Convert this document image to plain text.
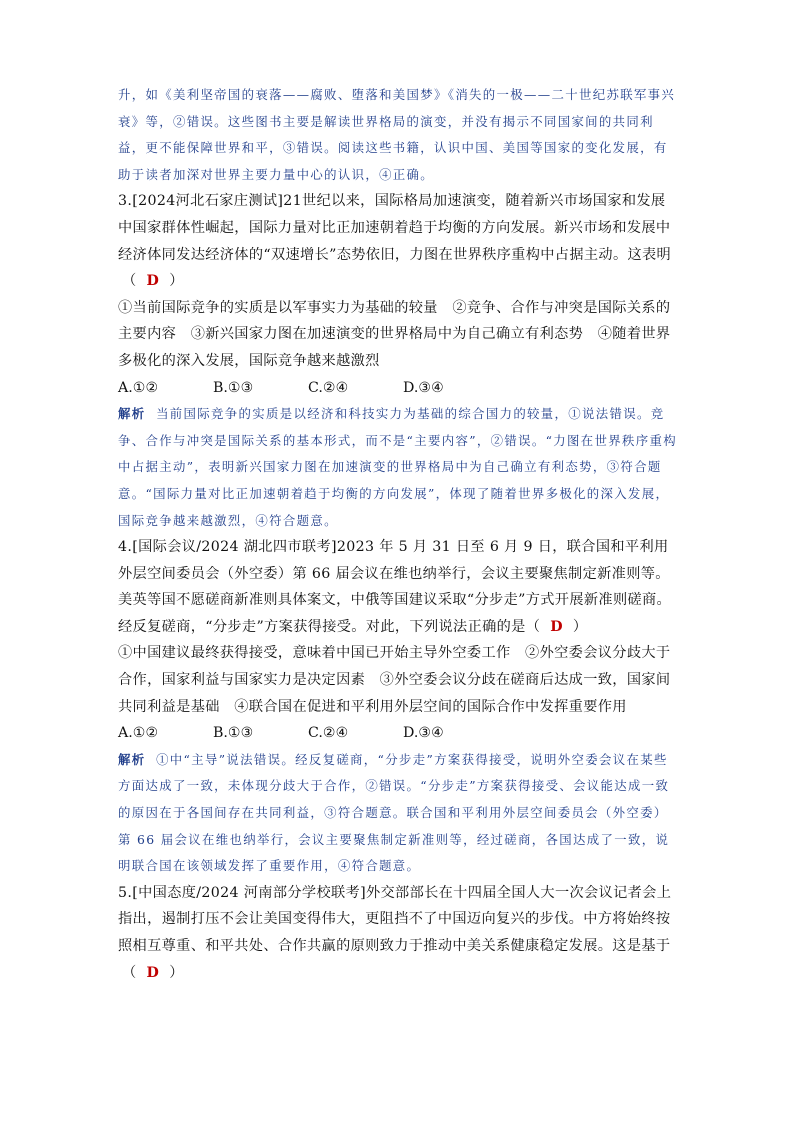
升，如《美利坚帝国的衰落——腐败、堕落和美国梦》《消失的一极——二十世纪苏联军事兴衰》等，②错误。这些图书主要是解读世界格局的演变，并没有揭示不同国家间的共同利益，更不能保障世界和平，③错误。阅读这些书籍，认识中国、美国等国家的变化发展，有助于读者加深对世界主要力量中心的认识，④正确。

3.[2024河北石家庄测试]21世纪以来，国际格局加速演变，随着新兴市场国家和发展中国家群体性崛起，国际力量对比正加速朝着趋于均衡的方向发展。新兴市场和发展中经济体同发达经济体的“双速增长”态势依旧，力图在世界秩序重构中占据主动。这表明

（ D ）

①当前国际竞争的实质是以军事实力为基础的较量　②竞争、合作与冲突是国际关系的主要内容　③新兴国家力图在加速演变的世界格局中为自己确立有利态势　④随着世界多极化的深入发展，国际竞争越来越激烈

A.①②	B.①③	C.②④	D.③④

解析 当前国际竞争的实质是以经济和科技实力为基础的综合国力的较量，①说法错误。竞争、合作与冲突是国际关系的基本形式，而不是“主要内容”，②错误。“力图在世界秩序重构中占据主动”，表明新兴国家力图在加速演变的世界格局中为自己确立有利态势，③符合题意。“国际力量对比正加速朝着趋于均衡的方向发展”，体现了随着世界多极化的深入发展，国际竞争越来越激烈，④符合题意。

4.[国际会议/2024 湖北四市联考]2023 年 5 月 31 日至 6 月 9 日，联合国和平利用外层空间委员会（外空委）第 66 届会议在维也纳举行，会议主要聚焦制定新准则等。美英等国不愿磋商新准则具体案文，中俄等国建议采取“分步走”方式开展新准则磋商。经反复磋商，“分步走”方案获得接受。对此，下列说法正确的是（ D ）

①中国建议最终获得接受，意味着中国已开始主导外空委工作　②外空委会议分歧大于合作，国家利益与国家实力是决定因素　③外空委会议分歧在磋商后达成一致，国家间共同利益是基础　④联合国在促进和平利用外层空间的国际合作中发挥重要作用

A.①②	B.①③	C.②④	D.③④

解析 ①中“主导”说法错误。经反复磋商，“分步走”方案获得接受，说明外空委会议在某些方面达成了一致，未体现分歧大于合作，②错误。“分步走”方案获得接受、会议能达成一致的原因在于各国间存在共同利益，③符合题意。联合国和平利用外层空间委员会（外空委）第 66 届会议在维也纳举行，会议主要聚焦制定新准则等，经过磋商，各国达成了一致，说明联合国在该领域发挥了重要作用，④符合题意。

5.[中国态度/2024 河南部分学校联考]外交部部长在十四届全国人大一次会议记者会上指出，遏制打压不会让美国变得伟大，更阻挡不了中国迈向复兴的步伐。中方将始终按照相互尊重、和平共处、合作共赢的原则致力于推动中美关系健康稳定发展。这是基于

（ D ）
